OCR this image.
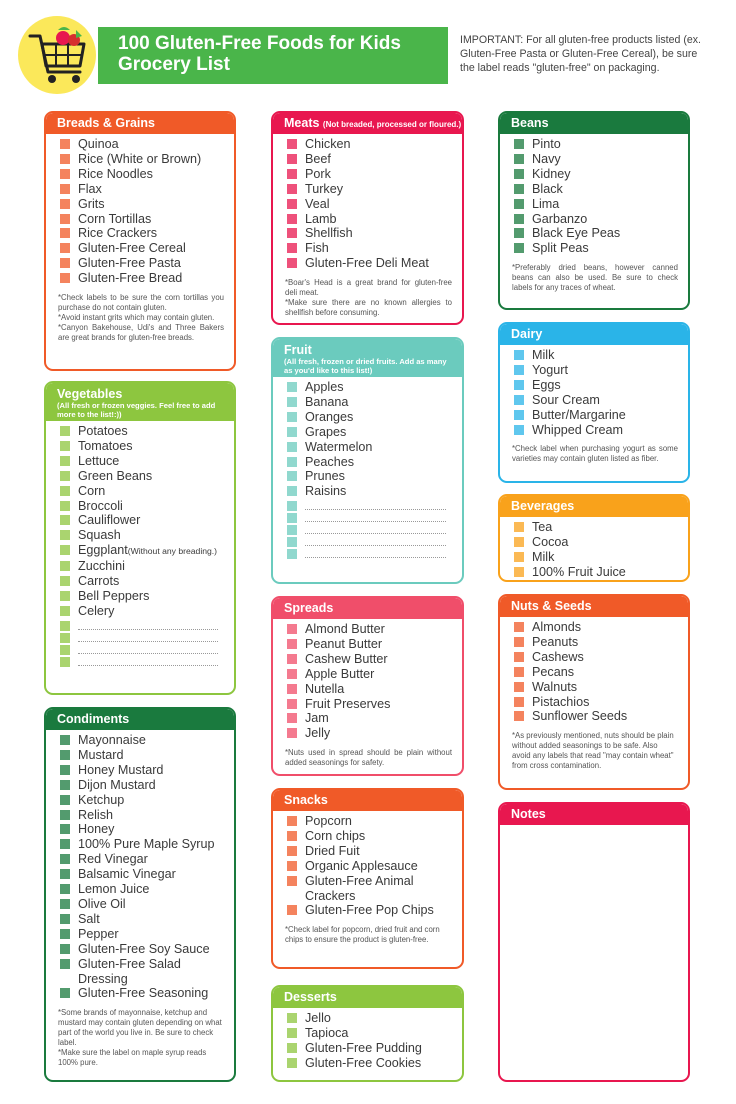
100 Gluten-Free Foods for Kids
Grocery List
IMPORTANT: For all gluten-free products listed (ex. Gluten-Free Pasta or Gluten-Free Cereal), be sure the label reads "gluten-free" on packaging.
Breads & Grains
Quinoa
Rice (White or Brown)
Rice Noodles
Flax
Grits
Corn Tortillas
Rice Crackers
Gluten-Free Cereal
Gluten-Free Pasta
Gluten-Free Bread

*Check labels to be sure the corn tortillas you purchase do not contain gluten.

*Avoid instant grits which may contain gluten.

*Canyon Bakehouse, Udi's and Three Bakers are great brands for gluten-free breads.

Vegetables
(All fresh or frozen veggies. Feel free to add more to the list!:))
Potatoes
Tomatoes
Lettuce
Green Beans
Corn
Broccoli
Cauliflower
Squash
Eggplant(Without any breading.)
Zucchini
Carrots
Bell Peppers
Celery
Condiments
Mayonnaise
Mustard
Honey Mustard
Dijon Mustard
Ketchup
Relish
Honey
100% Pure Maple Syrup
Red Vinegar
Balsamic Vinegar
Lemon Juice
Olive Oil
Salt
Pepper
Gluten-Free Soy Sauce
Gluten-Free Salad Dressing
Gluten-Free Seasoning

*Some brands of mayonnaise, ketchup and mustard may contain gluten depending on what part of the world you live in. Be sure to check label.

*Make sure the label on maple syrup reads 100% pure.

Meats (Not breaded, processed or floured.)
Chicken
Beef
Pork
Turkey
Veal
Lamb
Shellfish
Fish
Gluten-Free Deli Meat

*Boar's Head is a great brand for gluten-free deli meat.

*Make sure there are no known allergies to shellfish before consuming.

Fruit
(All fresh, frozen or dried fruits. Add as many as you'd like to this list!)
Apples
Banana
Oranges
Grapes
Watermelon
Peaches
Prunes
Raisins
Spreads
Almond Butter
Peanut Butter
Cashew Butter
Apple Butter
Nutella
Fruit Preserves
Jam
Jelly

*Nuts used in spread should be plain without added seasonings for safety.

Snacks
Popcorn
Corn chips
Dried Fuit
Organic Applesauce
Gluten-Free Animal Crackers
Gluten-Free Pop Chips

*Check label for popcorn, dried fruit and corn chips to ensure the product is gluten-free.

Desserts
Jello
Tapioca
Gluten-Free Pudding
Gluten-Free Cookies
Beans
Pinto
Navy
Kidney
Black
Lima
Garbanzo
Black Eye Peas
Split Peas

*Preferably dried beans, however canned beans can also be used. Be sure to check labels for any traces of wheat.

Dairy
Milk
Yogurt
Eggs
Sour Cream
Butter/Margarine
Whipped Cream

*Check label when purchasing yogurt as some varieties may contain gluten listed as fiber.

Beverages
Tea
Cocoa
Milk
100% Fruit Juice
Nuts & Seeds
Almonds
Peanuts
Cashews
Pecans
Walnuts
Pistachios
Sunflower Seeds

*As previously mentioned, nuts should be plain without added seasonings to be safe. Also avoid any labels that read "may contain wheat" from cross contamination.

Notes
